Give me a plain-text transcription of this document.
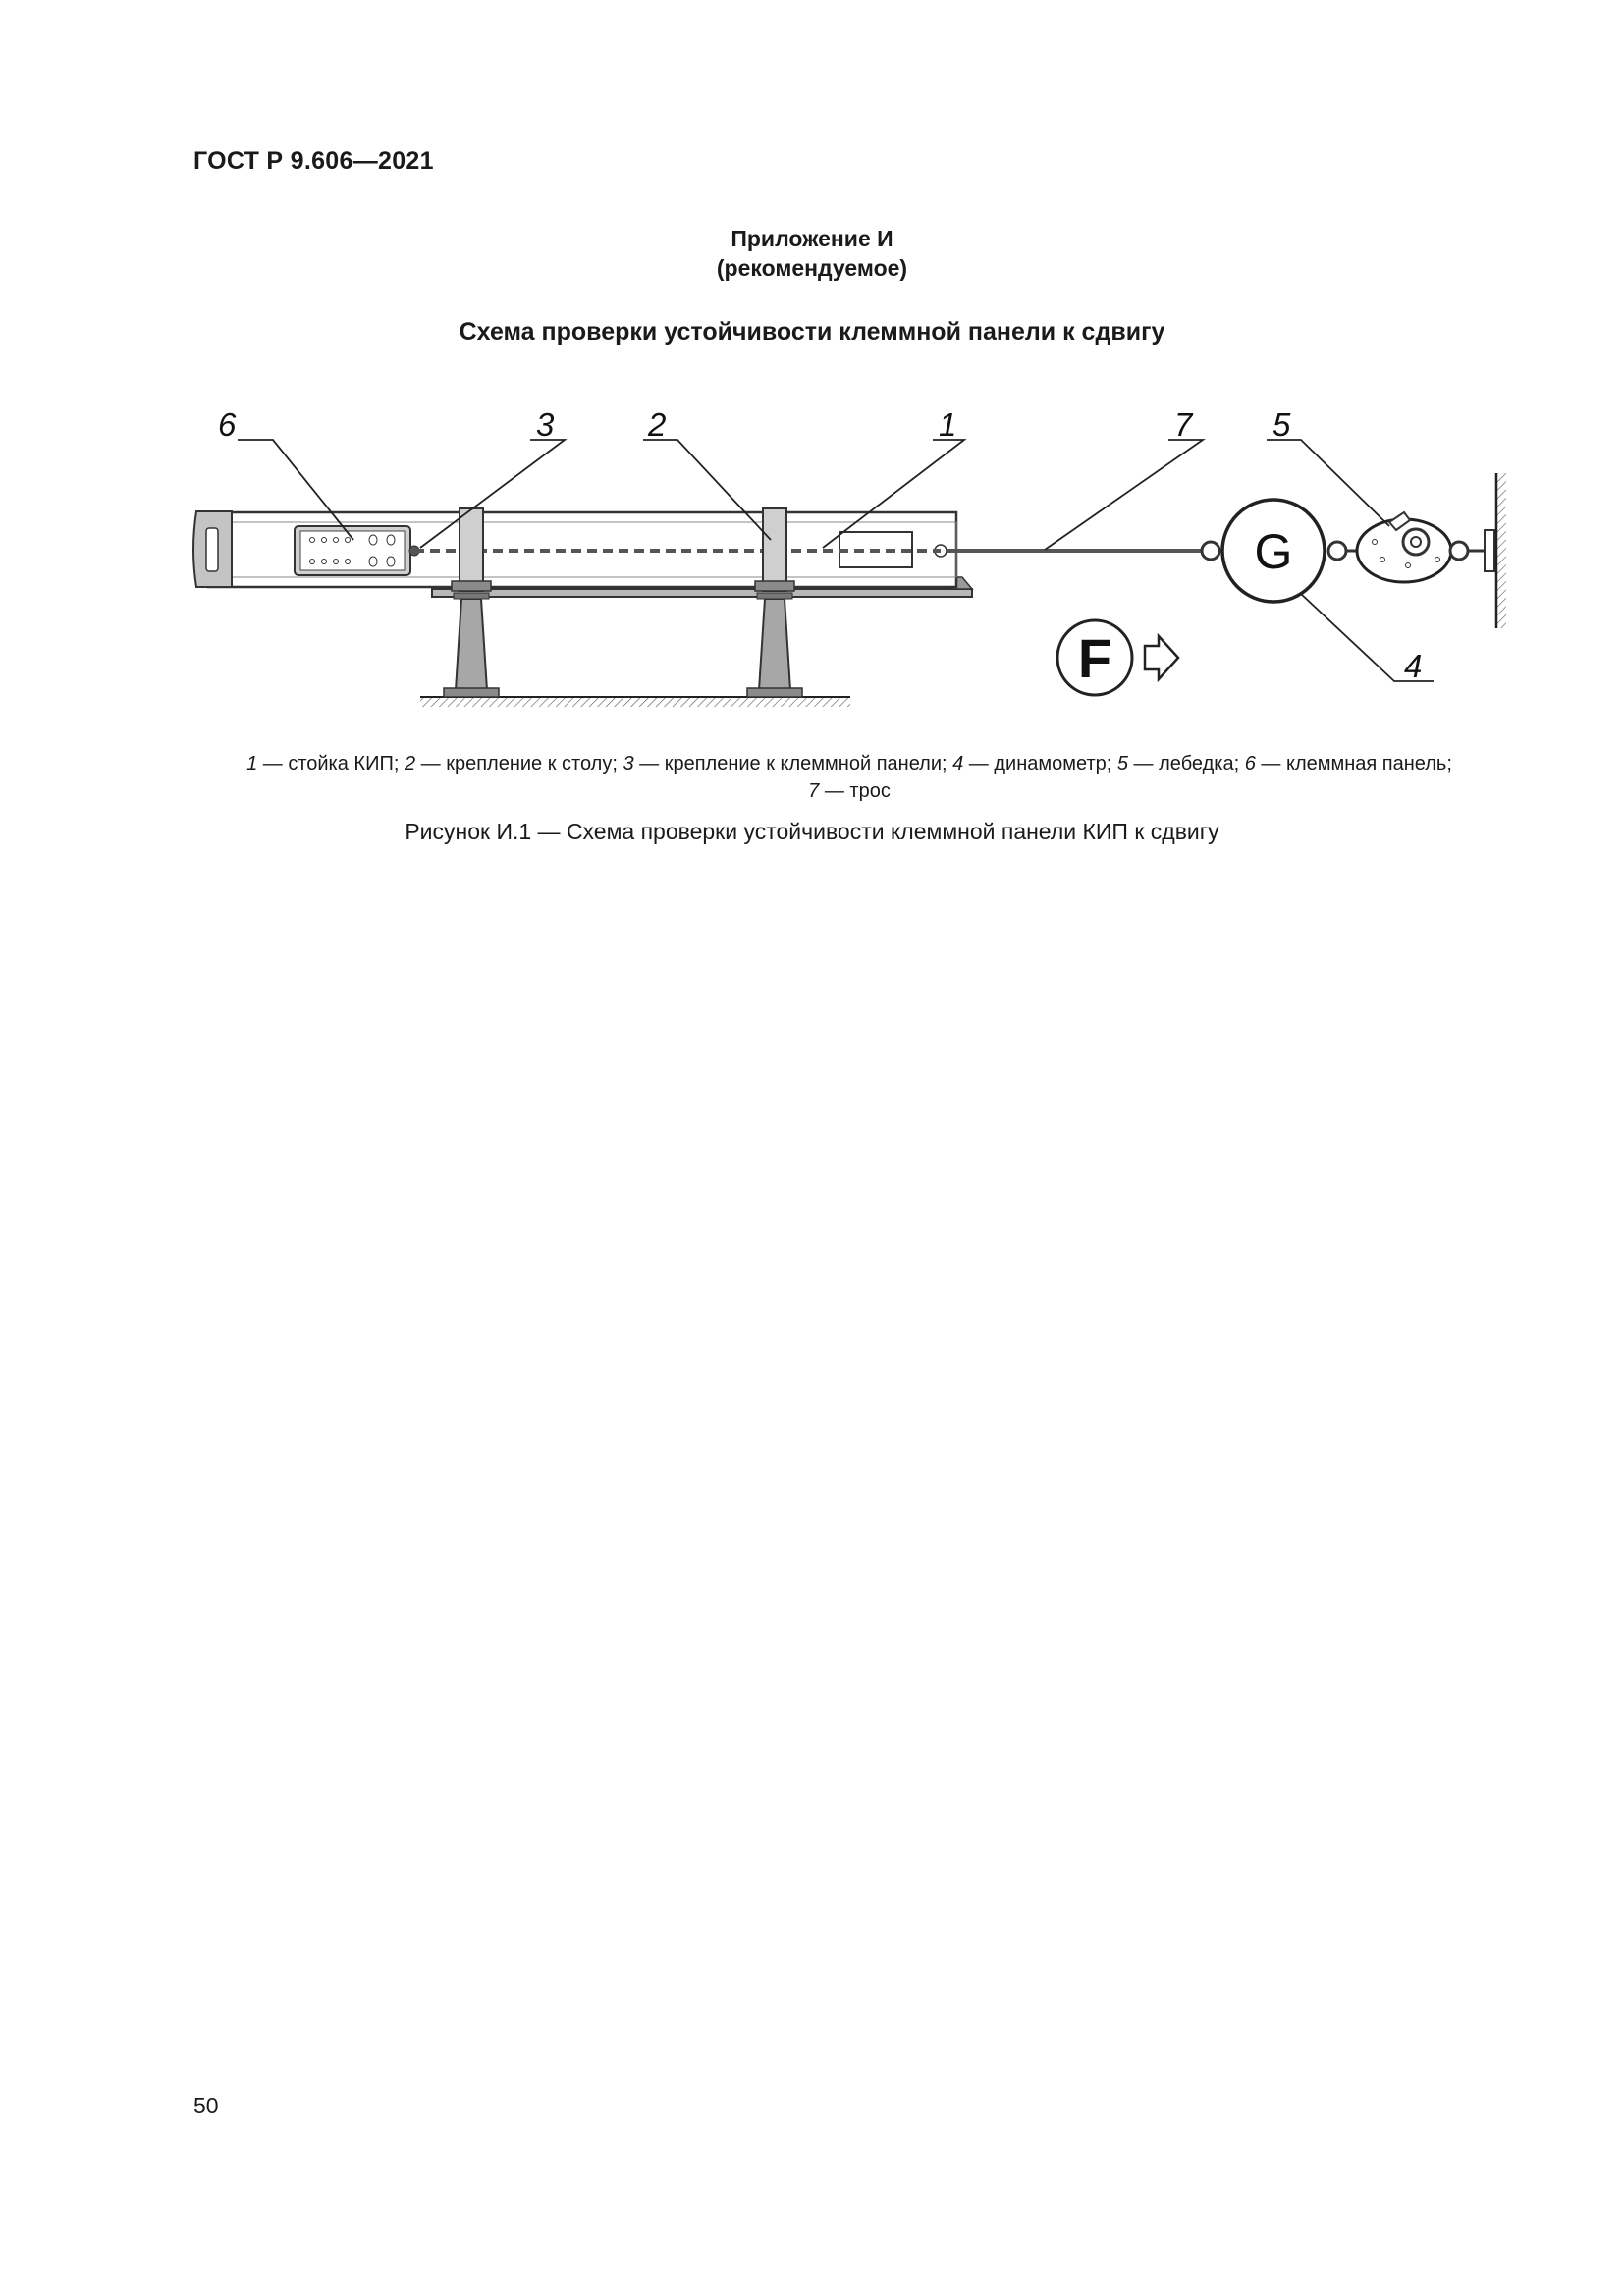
ГОСТ Р 9.606—2021
Приложение И
(рекомендуемое)
Схема проверки устойчивости клеммной панели к сдвигу
G
F
6	3	2	1	7 5
4
1 — стойка КИП; 2 — крепление к столу; 3 — крепление к клеммной панели; 4 — динамометр; 5 — лебедка; 6 — клеммная панель;
7 — трос
Рисунок И.1 — Схема проверки устойчивости клеммной панели КИП к сдвигу
50
